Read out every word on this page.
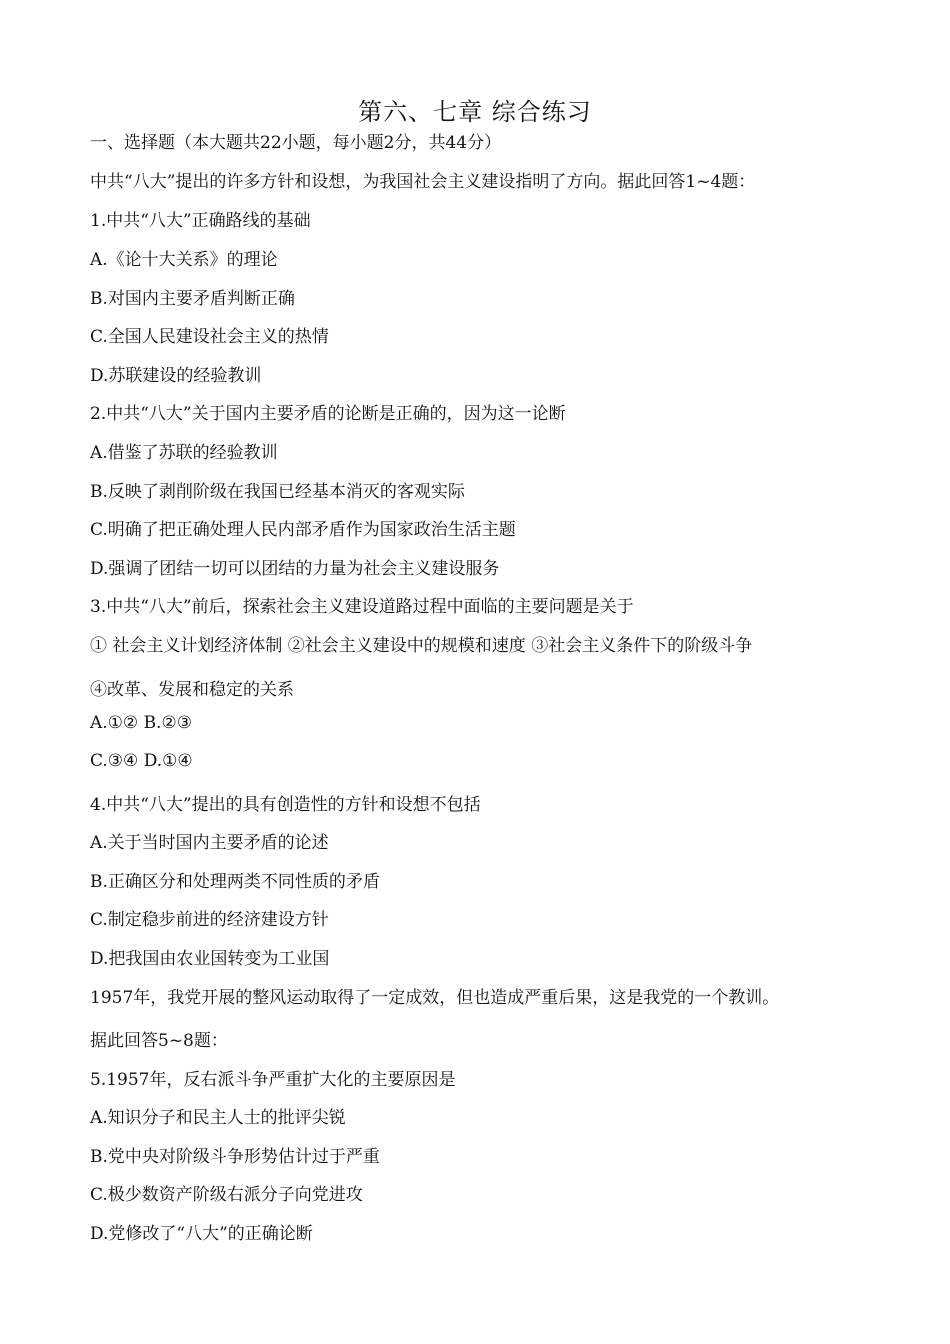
第六、七章 综合练习
一、选择题（本大题共22小题，每小题2分，共44分）
中共“八大”提出的许多方针和设想，为我国社会主义建设指明了方向。据此回答1~4题：
1.中共“八大”正确路线的基础
A.《论十大关系》的理论
B.对国内主要矛盾判断正确
C.全国人民建设社会主义的热情
D.苏联建设的经验教训
2.中共“八大”关于国内主要矛盾的论断是正确的，因为这一论断
A.借鉴了苏联的经验教训
B.反映了剥削阶级在我国已经基本消灭的客观实际
C.明确了把正确处理人民内部矛盾作为国家政治生活主题
D.强调了团结一切可以团结的力量为社会主义建设服务
3.中共“八大”前后，探索社会主义建设道路过程中面临的主要问题是关于
① 社会主义计划经济体制 ②社会主义建设中的规模和速度 ③社会主义条件下的阶级斗争
④改革、发展和稳定的关系
A.①② B.②③
C.③④ D.①④
4.中共“八大”提出的具有创造性的方针和设想不包括
A.关于当时国内主要矛盾的论述
B.正确区分和处理两类不同性质的矛盾
C.制定稳步前进的经济建设方针
D.把我国由农业国转变为工业国
1957年，我党开展的整风运动取得了一定成效，但也造成严重后果，这是我党的一个教训。
据此回答5~8题：
5.1957年，反右派斗争严重扩大化的主要原因是
A.知识分子和民主人士的批评尖锐
B.党中央对阶级斗争形势估计过于严重
C.极少数资产阶级右派分子向党进攻
D.党修改了“八大”的正确论断
